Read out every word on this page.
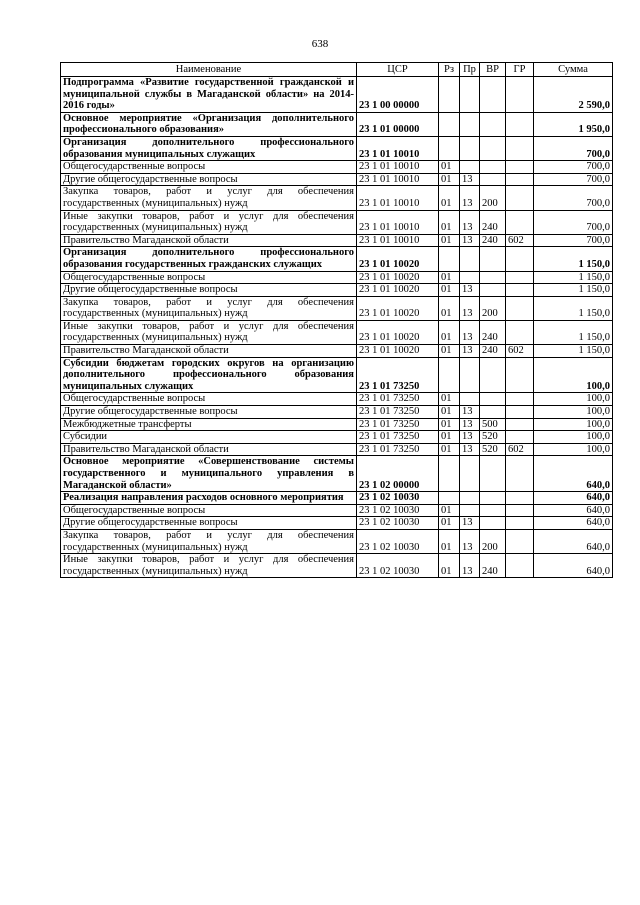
638
Наименование	ЦСР	Рз	Пр	ВР	ГР	Сумма
Подпрограмма «Развитие государственной гражданской и муниципальной службы в Магаданской области» на 2014-2016 годы»	23 1 00 00000					2 590,0
Основное мероприятие «Организация дополнительного профессионального образования»	23 1 01 00000					1 950,0
Организация дополнительного профессионального образования муниципальных служащих	23 1 01 10010					700,0
Общегосударственные вопросы	23 1 01 10010	01				700,0
Другие общегосударственные вопросы	23 1 01 10010	01	13			700,0
Закупка товаров, работ и услуг для обеспечения государственных (муниципальных) нужд	23 1 01 10010	01	13	200		700,0
Иные закупки товаров, работ и услуг для обеспечения государственных (муниципальных) нужд	23 1 01 10010	01	13	240		700,0
Правительство Магаданской области	23 1 01 10010	01	13	240	602	700,0
Организация дополнительного профессионального образования государственных гражданских служащих	23 1 01 10020					1 150,0
Общегосударственные вопросы	23 1 01 10020	01				1 150,0
Другие общегосударственные вопросы	23 1 01 10020	01	13			1 150,0
Закупка товаров, работ и услуг для обеспечения государственных (муниципальных) нужд	23 1 01 10020	01	13	200		1 150,0
Иные закупки товаров, работ и услуг для обеспечения государственных (муниципальных) нужд	23 1 01 10020	01	13	240		1 150,0
Правительство Магаданской области	23 1 01 10020	01	13	240	602	1 150,0
Субсидии бюджетам городских округов на организацию дополнительного профессионального образования муниципальных служащих	23 1 01 73250					100,0
Общегосударственные вопросы	23 1 01 73250	01				100,0
Другие общегосударственные вопросы	23 1 01 73250	01	13			100,0
Межбюджетные трансферты	23 1 01 73250	01	13	500		100,0
Субсидии	23 1 01 73250	01	13	520		100,0
Правительство Магаданской области	23 1 01 73250	01	13	520	602	100,0
Основное мероприятие «Совершенствование системы государственного и муниципального управления в Магаданской области»	23 1 02 00000					640,0
Реализация направления расходов основного мероприятия	23 1 02 10030					640,0
Общегосударственные вопросы	23 1 02 10030	01				640,0
Другие общегосударственные вопросы	23 1 02 10030	01	13			640,0
Закупка товаров, работ и услуг для обеспечения государственных (муниципальных) нужд	23 1 02 10030	01	13	200		640,0
Иные закупки товаров, работ и услуг для обеспечения государственных (муниципальных) нужд	23 1 02 10030	01	13	240		640,0
